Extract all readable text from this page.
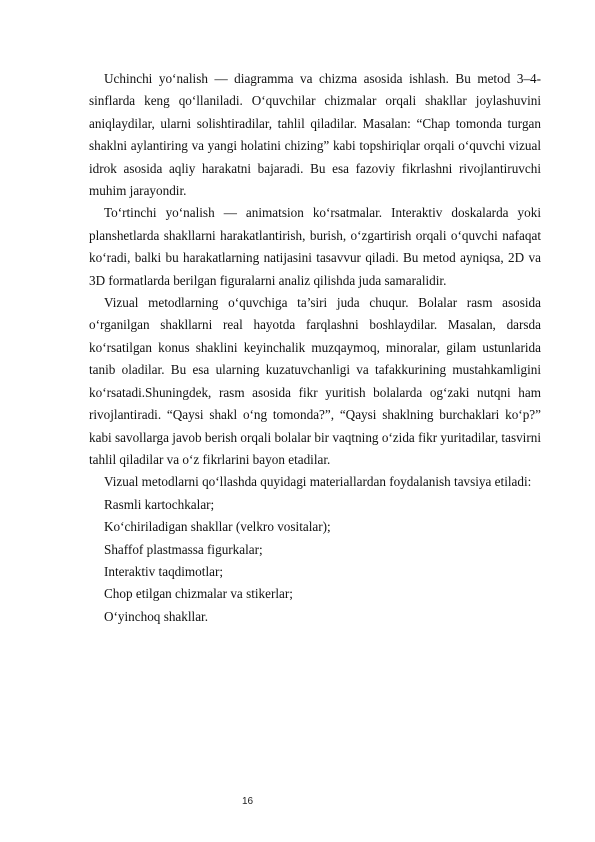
Uchinchi yo‘nalish — diagramma va chizma asosida ishlash. Bu metod 3–4-sinflarda keng qo‘llaniladi. O‘quvchilar chizmalar orqali shakllar joylashuvini aniqlaydilar, ularni solishtiradilar, tahlil qiladilar. Masalan: “Chap tomonda turgan shaklni aylantiring va yangi holatini chizing” kabi topshiriqlar orqali o‘quvchi vizual idrok asosida aqliy harakatni bajaradi. Bu esa fazoviy fikrlashni rivojlantiruvchi muhim jarayondir.

To‘rtinchi yo‘nalish — animatsion ko‘rsatmalar. Interaktiv doskalarda yoki planshetlarda shakllarni harakatlantirish, burish, o‘zgartirish orqali o‘quvchi nafaqat ko‘radi, balki bu harakatlarning natijasini tasavvur qiladi. Bu metod ayniqsa, 2D va 3D formatlarda berilgan figuralarni analiz qilishda juda samaralidir.

Vizual metodlarning o‘quvchiga ta’siri juda chuqur. Bolalar rasm asosida o‘rganilgan shakllarni real hayotda farqlashni boshlaydilar. Masalan, darsda ko‘rsatilgan konus shaklini keyinchalik muzqaymoq, minoralar, gilam ustunlarida tanib oladilar. Bu esa ularning kuzatuvchanligi va tafakkurining mustahkamligini ko‘rsatadi.Shuningdek, rasm asosida fikr yuritish bolalarda og‘zaki nutqni ham rivojlantiradi. “Qaysi shakl o‘ng tomonda?”, “Qaysi shaklning burchaklari ko‘p?” kabi savollarga javob berish orqali bolalar bir vaqtning o‘zida fikr yuritadilar, tasvirni tahlil qiladilar va o‘z fikrlarini bayon etadilar.

Vizual metodlarni qo‘llashda quyidagi materiallardan foydalanish tavsiya etiladi:

Rasmli kartochkalar;
Ko‘chiriladigan shakllar (velkro vositalar);
Shaffof plastmassa figurkalar;
Interaktiv taqdimotlar;
Chop etilgan chizmalar va stikerlar;
O‘yinchoq shakllar.
16
